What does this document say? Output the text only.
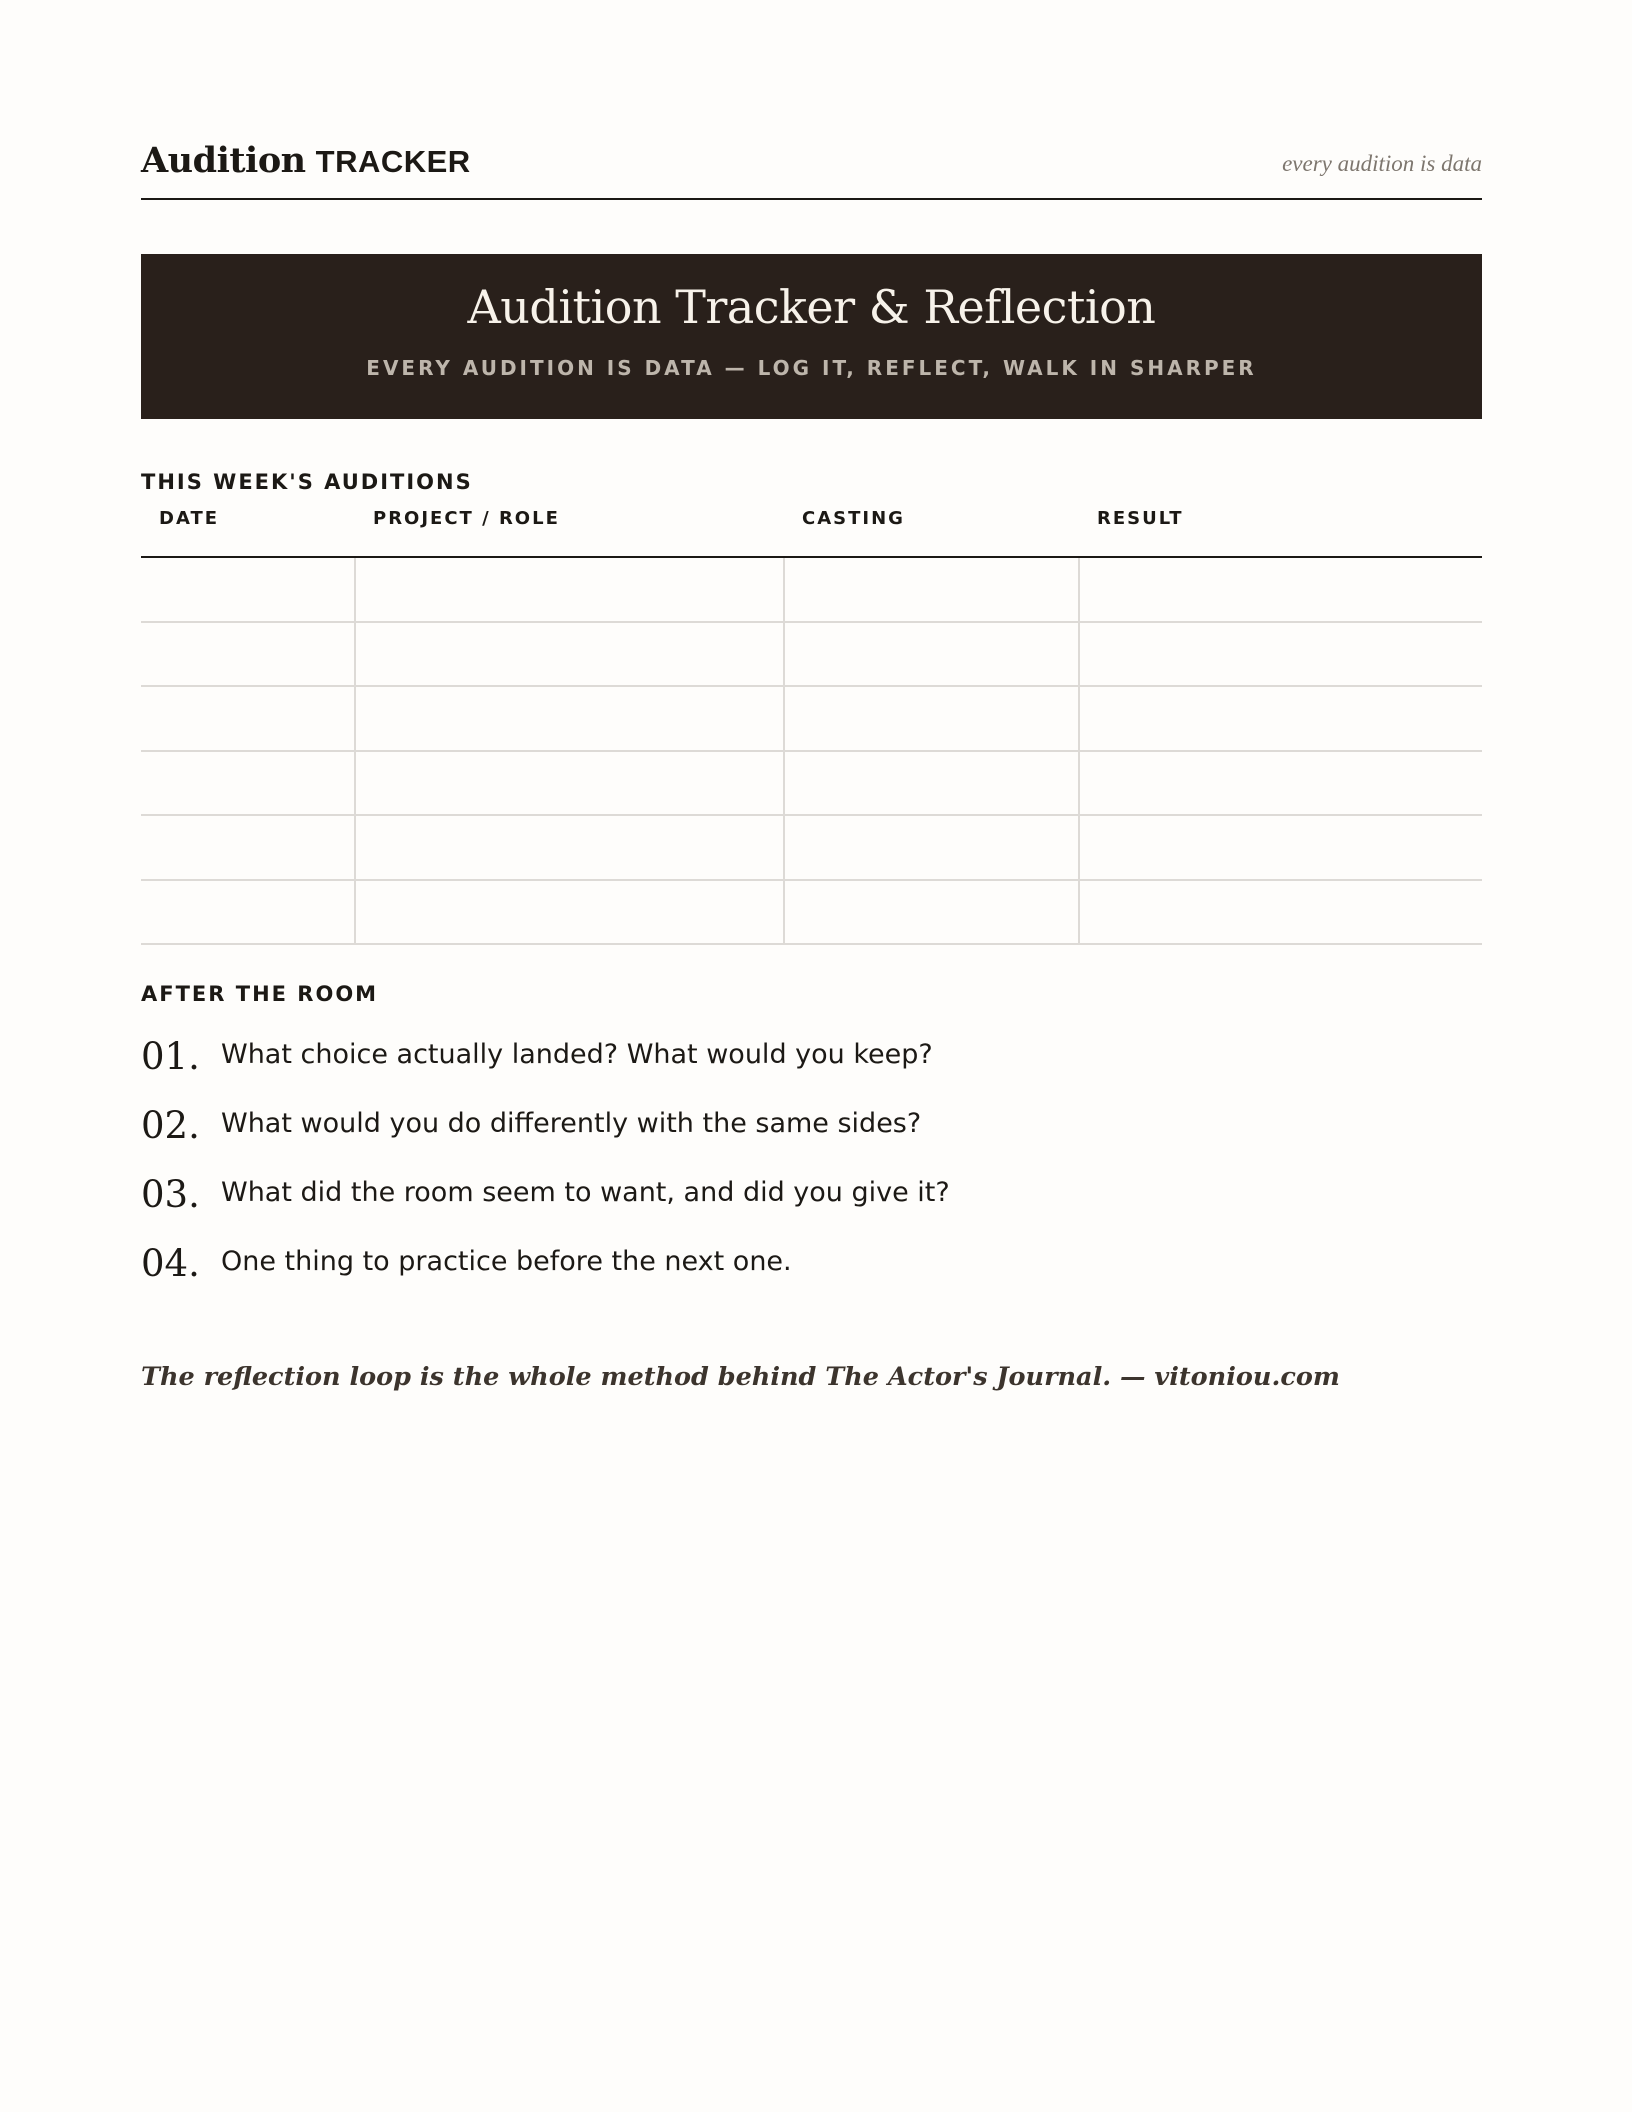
Audition TRACKER	every audition is data
Audition Tracker & Reflection
EVERY AUDITION IS DATA — LOG IT, REFLECT, WALK IN SHARPER
THIS WEEK'S AUDITIONS
DATE	PROJECT / ROLE	CASTING	RESULT

AFTER THE ROOM
01. What choice actually landed? What would you keep?
02. What would you do differently with the same sides?
03. What did the room seem to want, and did you give it?
04. One thing to practice before the next one.
The reflection loop is the whole method behind The Actor's Journal. — vitoniou.com
